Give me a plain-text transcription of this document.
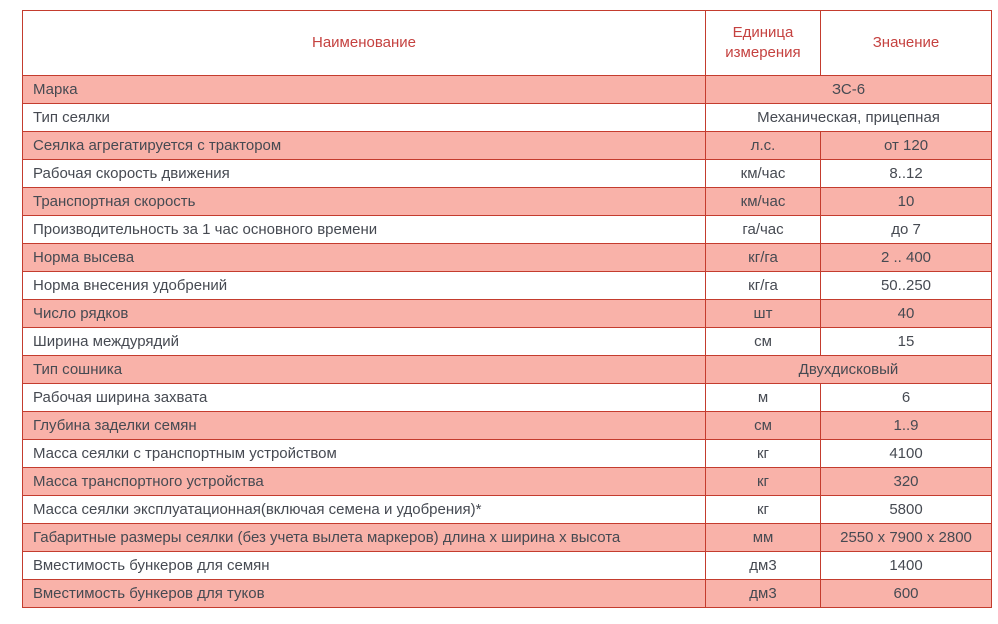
Наименование	Единица измерения	Значение
Марка	ЗС-6	
Тип сеялки	Механическая, прицепная	
Сеялка агрегатируется с трактором	л.с.	от 120
Рабочая скорость движения	км/час	8..12
Транспортная скорость	км/час	10
Производительность за 1 час основного времени	га/час	до 7
Норма высева	кг/га	2 .. 400
Норма внесения удобрений	кг/га	50..250
Число рядков	шт	40
Ширина междурядий	см	15
Тип сошника	Двухдисковый	
Рабочая ширина захвата	м	6
Глубина заделки семян	см	1..9
Масса сеялки с транспортным устройством	кг	4100
Масса транспортного устройства	кг	320
Масса сеялки эксплуатационная(включая семена и удобрения)*	кг	5800
Габаритные размеры сеялки (без учета вылета маркеров) длина х ширина х высота	мм	2550 х 7900 х 2800
Вместимость бункеров для семян	дм3	1400
Вместимость бункеров для туков	дм3	600
